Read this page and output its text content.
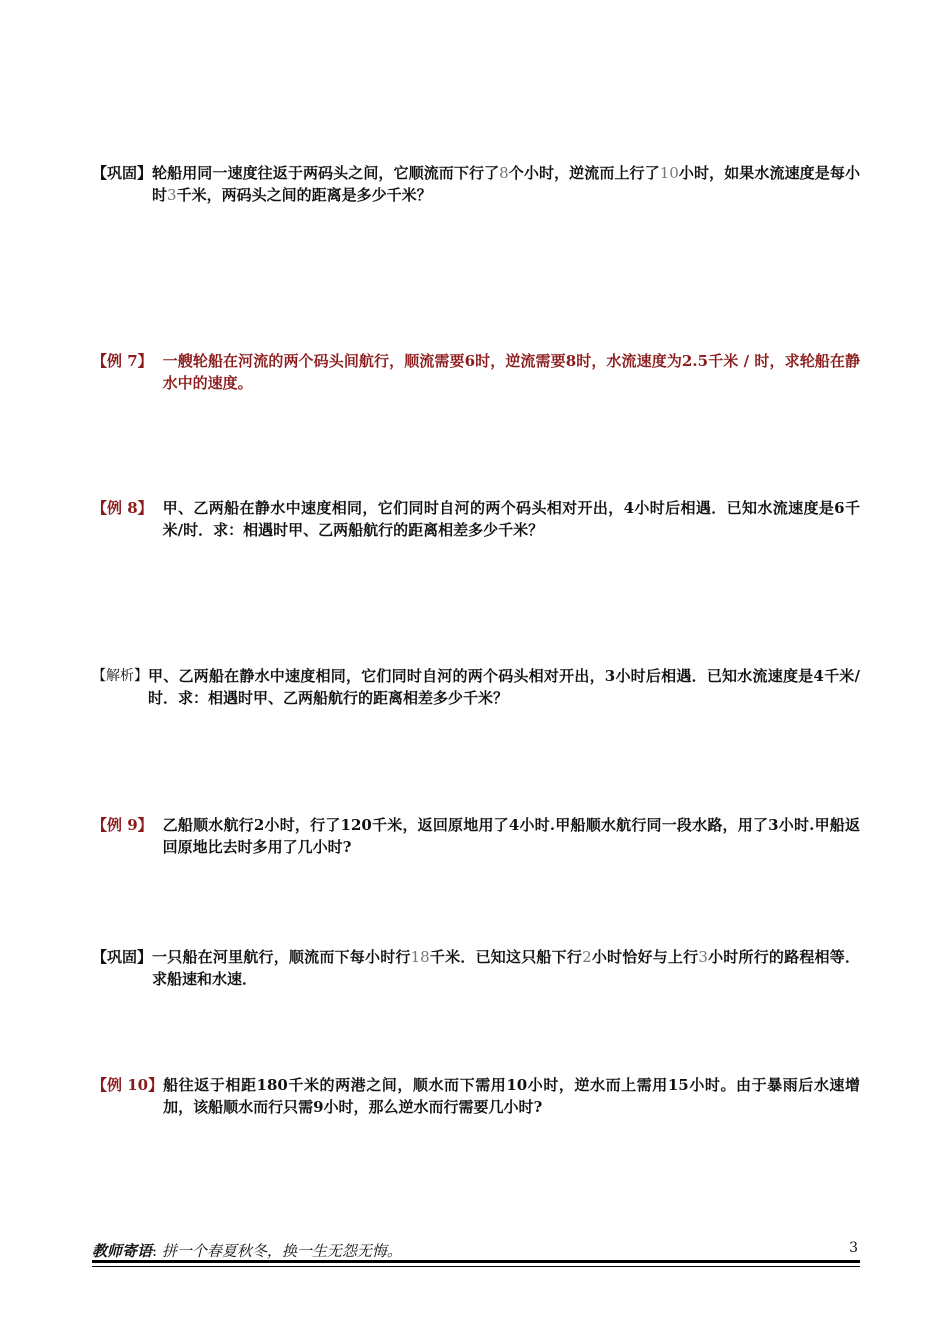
【巩固】 轮船用同一速度往返于两码头之间，它顺流而下行了8个小时，逆流而上行了10小时，如果水流速度是每小时3千米，两码头之间的距离是多少千米？
【例 7】 一艘轮船在河流的两个码头间航行，顺流需要6时，逆流需要8时，水流速度为2.5千米 / 时，求轮船在静水中的速度。
【例 8】 甲、乙两船在静水中速度相同，它们同时自河的两个码头相对开出，4小时后相遇．已知水流速度是6千米/时．求：相遇时甲、乙两船航行的距离相差多少千米？
【解析】 甲、乙两船在静水中速度相同，它们同时自河的两个码头相对开出，3小时后相遇．已知水流速度是4千米/时．求：相遇时甲、乙两船航行的距离相差多少千米？
【例 9】 乙船顺水航行2小时，行了120千米，返回原地用了4小时.甲船顺水航行同一段水路，用了3小时.甲船返回原地比去时多用了几小时?
【巩固】 一只船在河里航行，顺流而下每小时行18千米．已知这只船下行2小时恰好与上行3小时所行的路程相等．求船速和水速．
【例 10】 船往返于相距180千米的两港之间，顺水而下需用10小时，逆水而上需用15小时。由于暴雨后水速增加，该船顺水而行只需9小时，那么逆水而行需要几小时?
教师寄语: 拼一个春夏秋冬，换一生无怨无悔。	3
